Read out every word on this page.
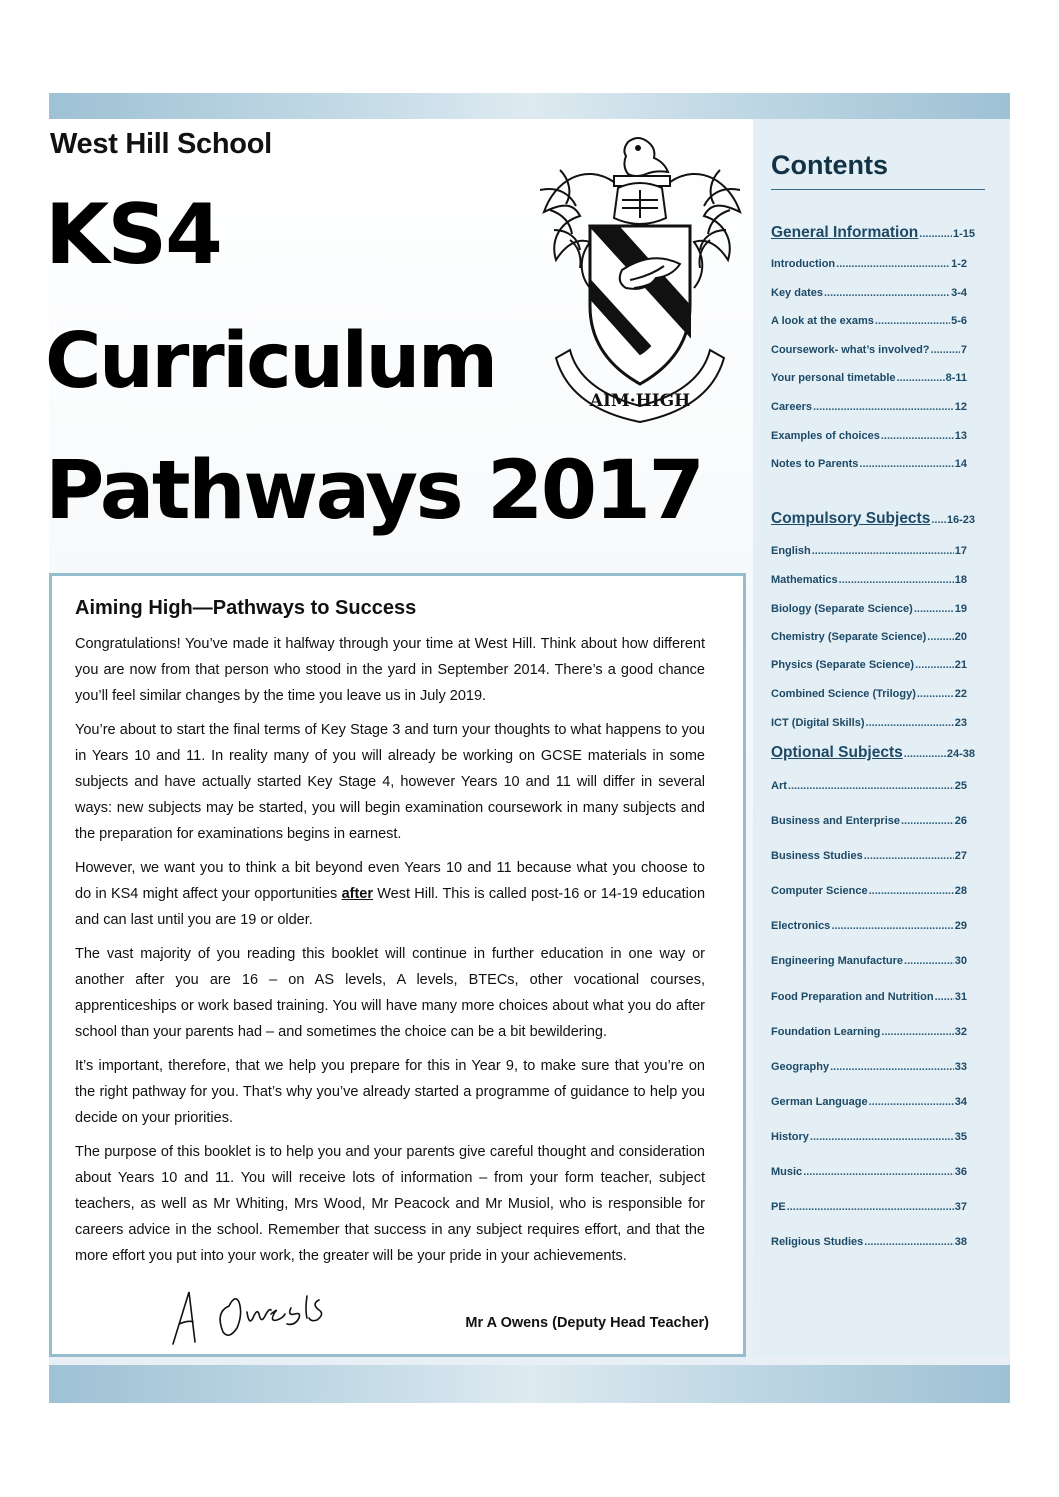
West Hill School
KS4
Curriculum
Pathways 2017
AIM·HIGH
Aiming High—Pathways to Success

Congratulations! You’ve made it halfway through your time at West Hill. Think about how different you are now from that person who stood in the yard in September 2014. There’s a good chance you’ll feel similar changes by the time you leave us in July 2019.

You’re about to start the final terms of Key Stage 3 and turn your thoughts to what happens to you in Years 10 and 11. In reality many of you will already be working on GCSE materials in some subjects and have actually started Key Stage 4, however Years 10 and 11 will differ in several ways: new subjects may be started, you will begin examination coursework in many subjects and the preparation for examinations begins in earnest.

However, we want you to think a bit beyond even Years 10 and 11 because what you choose to do in KS4 might affect your opportunities after West Hill. This is called post-16 or 14-19 education and can last until you are 19 or older.

The vast majority of you reading this booklet will continue in further education in one way or another after you are 16 – on AS levels, A levels, BTECs, other vocational courses, apprenticeships or work based training. You will have many more choices about what you do after school than your parents had – and sometimes the choice can be a bit bewildering.

It’s important, therefore, that we help you prepare for this in Year 9, to make sure that you’re on the right pathway for you. That’s why you’ve already started a programme of guidance to help you decide on your priorities.

The purpose of this booklet is to help you and your parents give careful thought and consideration about Years 10 and 11. You will receive lots of information – from your form teacher, subject teachers, as well as Mr Whiting, Mrs Wood, Mr Peacock and Mr Musiol, who is responsible for careers advice in the school. Remember that success in any subject requires effort, and that the more effort you put into your work, the greater will be your pride in your achievements.

Mr A Owens (Deputy Head Teacher)
Contents
General Information .....	1-15
Introduction .....	1-2
Key dates .....	3-4
A look at the exams .....	5-6
Coursework- what’s involved? .....	7
Your personal timetable .....	8-11
Careers .....	12
Examples of choices .....	13
Notes to Parents .....	14
Compulsory Subjects ..... 16-23
English .....	17
Mathematics .....	18
Biology (Separate Science) .....	19
Chemistry (Separate Science) .....	20
Physics (Separate Science) .....	21
Combined Science (Trilogy) .....	22
ICT (Digital Skills) .....	23
Optional Subjects .....	24-38
Art .....	25
Business and Enterprise .....	26
Business Studies .....	27
Computer Science .....	28
Electronics .....	29
Engineering Manufacture .....	30
Food Preparation and Nutrition ..... 31
Foundation Learning .....	32
Geography .....	33
German Language .....	34
History .....	35
Music .....	36
PE .....	37
Religious Studies .....	38
